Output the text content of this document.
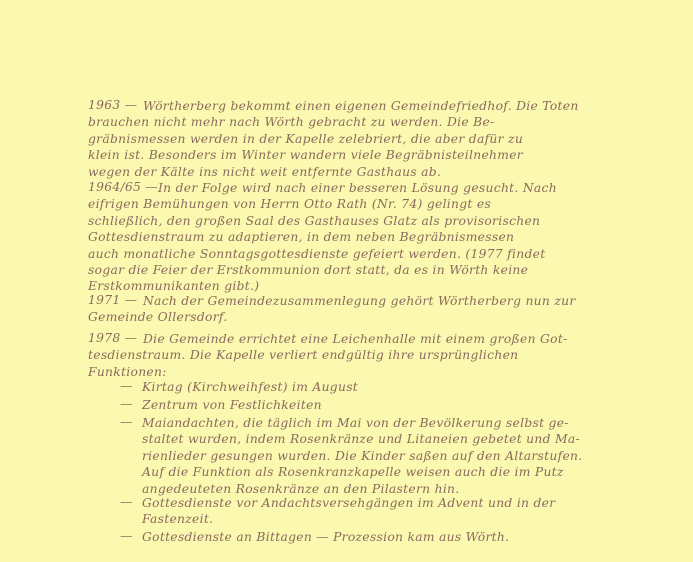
1963 — Wörtherberg bekommt einen eigenen Gemeindefriedhof. Die Toten
brauchen nicht mehr nach Wörth gebracht zu werden. Die Be-
gräbnismessen werden in der Kapelle zelebriert, die aber dafür zu
klein ist. Besonders im Winter wandern viele Begräbnisteilnehmer
wegen der Kälte ins nicht weit entfernte Gasthaus ab.
1964/65 — In der Folge wird nach einer besseren Lösung gesucht. Nach
eifrigen Bemühungen von Herrn Otto Rath (Nr. 74) gelingt es
schließlich, den großen Saal des Gasthauses Glatz als provisorischen
Gottesdienstraum zu adaptieren, in dem neben Begräbnismessen
auch monatliche Sonntagsgottesdienste gefeiert werden. (1977 findet
sogar die Feier der Erstkommunion dort statt, da es in Wörth keine
Erstkommunikanten gibt.)
1971 — Nach der Gemeindezusammenlegung gehört Wörtherberg nun zur
Gemeinde Ollersdorf.
1978 — Die Gemeinde errichtet eine Leichenhalle mit einem großen Got-
tesdienstraum. Die Kapelle verliert endgültig ihre ursprünglichen
Funktionen:
— Kirtag (Kirchweihfest) im August
— Zentrum von Festlichkeiten
— Maiandachten, die täglich im Mai von der Bevölkerung selbst ge-
staltet wurden, indem Rosenkränze und Litaneien gebetet und Ma-
rienlieder gesungen wurden. Die Kinder saßen auf den Altarstufen.
Auf die Funktion als Rosenkranzkapelle weisen auch die im Putz
angedeuteten Rosenkränze an den Pilastern hin.
— Gottesdienste vor Andachtsversehgängen im Advent und in der
Fastenzeit.
— Gottesdienste an Bittagen — Prozession kam aus Wörth.
